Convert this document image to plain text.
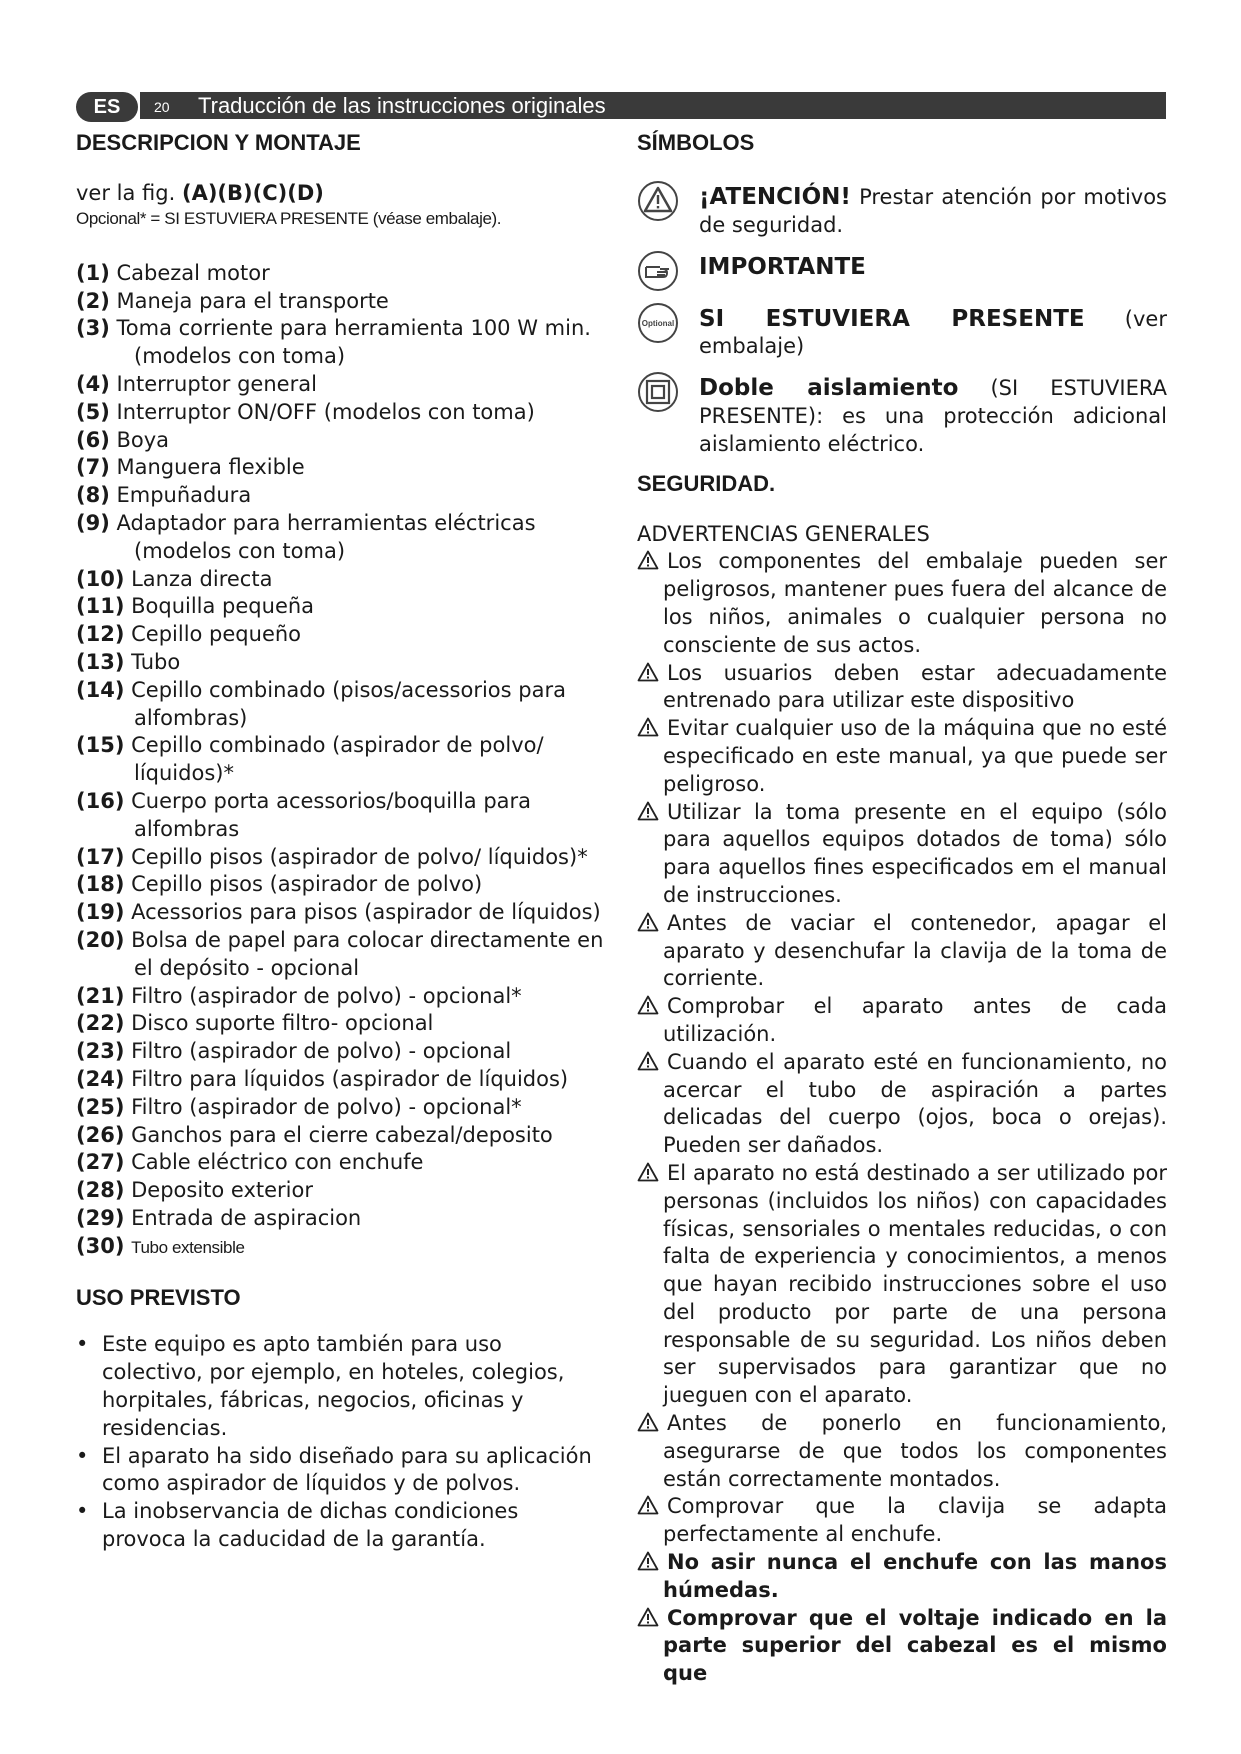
ES	20 Traducción de las instrucciones originales
DESCRIPCION Y MONTAJE
ver la fig. (A)(B)(C)(D)
Opcional* = SI ESTUVIERA PRESENTE (véase embalaje).
(1) Cabezal motor
(2) Maneja para el transporte
(3) Toma corriente para herramienta 100 W min. (modelos con toma)
(4) Interruptor general
(5) Interruptor ON/OFF (modelos con toma)
(6) Boya
(7) Manguera flexible
(8) Empuñadura
(9) Adaptador para herramientas eléctricas (modelos con toma)
(10) Lanza directa
(11) Boquilla pequeña
(12) Cepillo pequeño
(13) Tubo
(14) Cepillo combinado (pisos/acessorios para alfombras)
(15) Cepillo combinado (aspirador de polvo/ líquidos)*
(16) Cuerpo porta acessorios/boquilla para alfombras
(17) Cepillo pisos (aspirador de polvo/ líquidos)*
(18) Cepillo pisos (aspirador de polvo)
(19) Acessorios para pisos (aspirador de líquidos)
(20) Bolsa de papel para colocar directamente en el depósito - opcional
(21) Filtro (aspirador de polvo) - opcional*
(22) Disco suporte filtro- opcional
(23) Filtro (aspirador de polvo) - opcional
(24) Filtro para líquidos (aspirador de líquidos)
(25) Filtro (aspirador de polvo) - opcional*
(26) Ganchos para el cierre cabezal/deposito
(27) Cable eléctrico con enchufe
(28) Deposito exterior
(29) Entrada de aspiracion
(30) Tubo extensible
USO PREVISTO
• Este equipo es apto también para uso colectivo, por ejemplo, en hoteles, colegios, horpitales, fábricas, negocios, oficinas y residencias.
• El aparato ha sido diseñado para su aplicación como aspirador de líquidos y de polvos.
• La inobservancia de dichas condiciones provoca la caducidad de la garantía.
SÍMBOLOS
¡ATENCIÓN! Prestar atención por motivos de seguridad.
IMPORTANTE
Optional SI ESTUVIERA PRESENTE (ver embalaje)
Doble aislamiento (SI ESTUVIERA PRESENTE): es una protección adicional aislamiento eléctrico.
SEGURIDAD.
ADVERTENCIAS GENERALES
Los componentes del embalaje pueden ser peligrosos, mantener pues fuera del alcance de los niños, animales o cualquier persona no consciente de sus actos.
Los usuarios deben estar adecuadamente entrenado para utilizar este dispositivo
Evitar cualquier uso de la máquina que no esté especificado en este manual, ya que puede ser peligroso.
Utilizar la toma presente en el equipo (sólo para aquellos equipos dotados de toma) sólo para aquellos fines especificados em el manual de instrucciones.
Antes de vaciar el contenedor, apagar el aparato y desenchufar la clavija de la toma de corriente.
Comprobar el aparato antes de cada utilización.
Cuando el aparato esté en funcionamiento, no acercar el tubo de aspiración a partes delicadas del cuerpo (ojos, boca o orejas). Pueden ser dañados.
El aparato no está destinado a ser utilizado por personas (incluidos los niños) con capacidades físicas, sensoriales o mentales reducidas, o con falta de experiencia y conocimientos, a menos que hayan recibido instrucciones sobre el uso del producto por parte de una persona responsable de su seguridad. Los niños deben ser supervisados para garantizar que no jueguen con el aparato.
Antes de ponerlo en funcionamiento, asegurarse de que todos los componentes están correctamente montados.
Comprovar que la clavija se adapta perfectamente al enchufe.
No asir nunca el enchufe con las manos húmedas.
Comprovar que el voltaje indicado en la parte superior del cabezal es el mismo que
